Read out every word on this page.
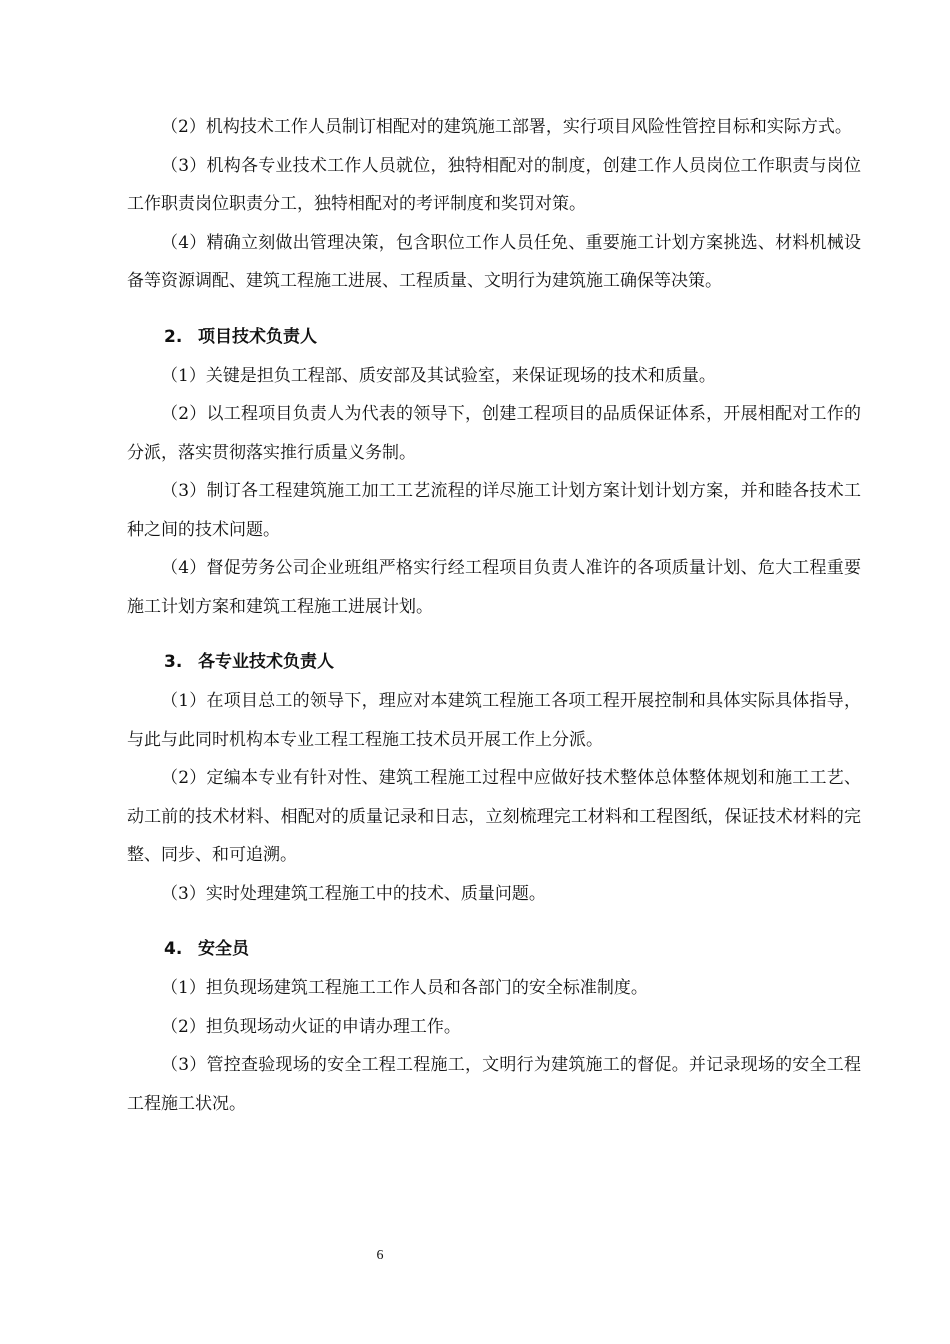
（2）机构技术工作人员制订相配对的建筑施工部署，实行项目风险性管控目标和实际方式。

（3）机构各专业技术工作人员就位，独特相配对的制度，创建工作人员岗位工作职责与岗位工作职责岗位职责分工，独特相配对的考评制度和奖罚对策。

（4）精确立刻做出管理决策，包含职位工作人员任免、重要施工计划方案挑选、材料机械设备等资源调配、建筑工程施工进展、工程质量、文明行为建筑施工确保等决策。

2. 项目技术负责人

（1）关键是担负工程部、质安部及其试验室，来保证现场的技术和质量。

（2）以工程项目负责人为代表的领导下，创建工程项目的品质保证体系，开展相配对工作的分派，落实贯彻落实推行质量义务制。

（3）制订各工程建筑施工加工工艺流程的详尽施工计划方案计划计划方案，并和睦各技术工种之间的技术问题。

（4）督促劳务公司企业班组严格实行经工程项目负责人准许的各项质量计划、危大工程重要施工计划方案和建筑工程施工进展计划。

3. 各专业技术负责人

（1）在项目总工的领导下，理应对本建筑工程施工各项工程开展控制和具体实际具体指导，与此与此同时机构本专业工程工程施工技术员开展工作上分派。

（2）定编本专业有针对性、建筑工程施工过程中应做好技术整体总体整体规划和施工工艺、动工前的技术材料、相配对的质量记录和日志，立刻梳理完工材料和工程图纸，保证技术材料的完整、同步、和可追溯。

（3）实时处理建筑工程施工中的技术、质量问题。

4. 安全员

（1）担负现场建筑工程施工工作人员和各部门的安全标准制度。

（2）担负现场动火证的申请办理工作。

（3）管控查验现场的安全工程工程施工，文明行为建筑施工的督促。并记录现场的安全工程工程施工状况。

6
